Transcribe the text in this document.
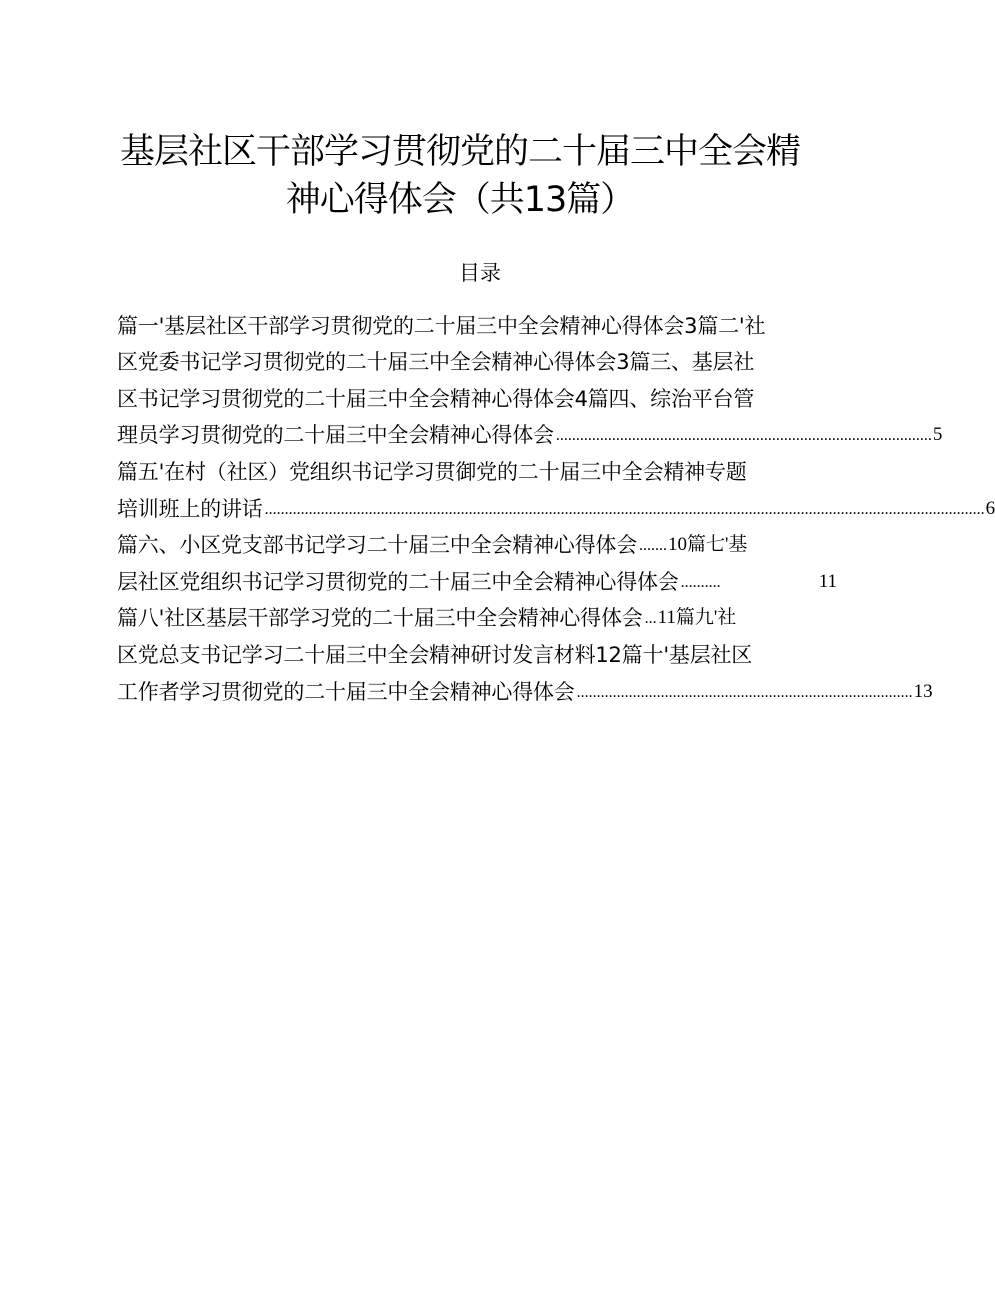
基层社区干部学习贯彻党的二十届三中全会精
神心得体会（共13篇）
目录
篇一'基层社区干部学习贯彻党的二十届三中全会精神心得体会3篇二'社
区党委书记学习贯彻党的二十届三中全会精神心得体会3篇三、基层社
区书记学习贯彻党的二十届三中全会精神心得体会4篇四、综治平台管
理员学习贯彻党的二十届三中全会精神心得体会 .............................................................................................. 5
篇五'在村（社区）党组织书记学习贯御党的二十届三中全会精神专题
培训班上的讲话 .................................................................................................................................................................................... 6
篇六、小区党支部书记学习二十届三中全会精神心得体会 ....... 10篇七'基
层社区党组织书记学习贯彻党的二十届三中全会精神心得体会 ..........	11
篇八'社区基层干部学习党的二十届三中全会精神心得体会 ... 11篇九'社
区党总支书记学习二十届三中全会精神研讨发言材料12篇十'基层社区
工作者学习贯彻党的二十届三中全会精神心得体会 .................................................................................... 13
